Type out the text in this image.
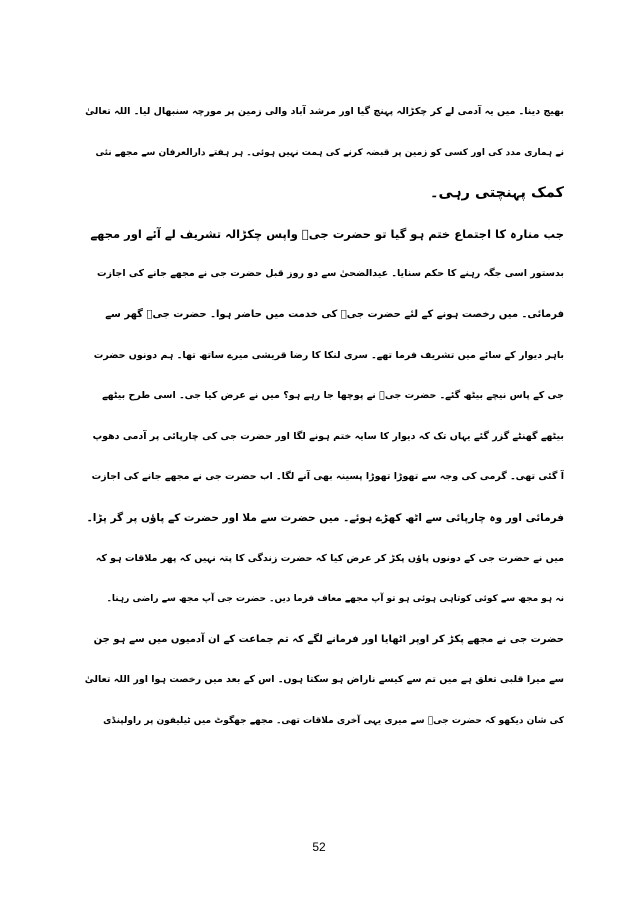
بھیج دینا۔ میں یہ آدمی لے کر چکڑالہ پہنچ گیا اور مرشد آباد والی زمین پر مورچہ سنبھال لیا۔ اللہ تعالیٰ
نے ہماری مدد کی اور کسی کو زمین پر قبضہ کرنے کی ہمت نہیں ہوئی۔ ہر ہفتے دارالعرفان سے مجھے نئی
کمک پہنچتی رہی۔
جب منارہ کا اجتماع ختم ہو گیا تو حضرت جیؒ واپس چکڑالہ تشریف لے آئے اور مجھے
بدستور اسی جگہ رہنے کا حکم سنایا۔ عیدالضحیٰ سے دو روز قبل حضرت جی نے مجھے جانے کی اجازت
فرمائی۔ میں رخصت ہونے کے لئے حضرت جیؒ کی خدمت میں حاضر ہوا۔ حضرت جیؒ گھر سے
باہر دیوار کے سائے میں تشریف فرما تھے۔ سری لنکا کا رضا قریشی میرے ساتھ تھا۔ ہم دونوں حضرت
جی کے پاس نیچے بیٹھ گئے۔ حضرت جیؒ نے پوچھا جا رہے ہو؟ میں نے عرض کیا جی۔ اسی طرح بیٹھے
بیٹھے گھنٹے گزر گئے یہاں تک کہ دیوار کا سایہ ختم ہونے لگا اور حضرت جی کی چارپائی پر آدمی دھوپ
آ گئی تھی۔ گرمی کی وجہ سے تھوڑا تھوڑا پسینہ بھی آنے لگا۔ اب حضرت جی نے مجھے جانے کی اجازت
فرمائی اور وہ چارپائی سے اٹھ کھڑے ہوئے۔ میں حضرت سے ملا اور حضرت کے پاؤں پر گر پڑا۔
میں نے حضرت جی کے دونوں پاؤں پکڑ کر عرض کیا کہ حضرت زندگی کا پتہ نہیں کہ پھر ملاقات ہو کہ
نہ ہو مجھ سے کوئی کوتاہی ہوئی ہو تو آپ مجھے معاف فرما دیں۔ حضرت جی آپ مجھ سے راضی رہنا۔
حضرت جی نے مجھے پکڑ کر اوپر اٹھایا اور فرمانے لگے کہ تم جماعت کے ان آدمیوں میں سے ہو جن
سے میرا قلبی تعلق ہے میں تم سے کیسے ناراض ہو سکتا ہوں۔ اس کے بعد میں رخصت ہوا اور اللہ تعالیٰ
کی شان دیکھو کہ حضرت جیؒ سے میری یہی آخری ملاقات تھی۔ مجھے جھگوٹ میں ٹیلیفون پر راولپنڈی
52
